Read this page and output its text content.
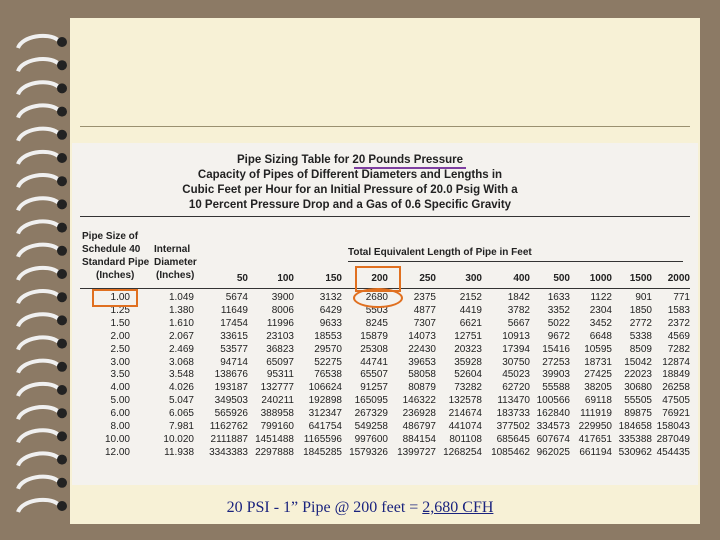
Pipe Sizing Table for 20 Pounds Pressure
Capacity of Pipes of Different Diameters and Lengths in
Cubic Feet per Hour for an Initial Pressure of 20.0 Psig With a
10 Percent Pressure Drop and a Gas of 0.6 Specific Gravity
Pipe Size of
Schedule 40
Standard Pipe
(Inches)
Internal
Diameter
(Inches)
Total Equivalent Length of Pipe in Feet
50	100	150	200	250	300	400	500	1000	1500	2000
1.00	1.049	5674	3900	3132	2680	2375	2152	1842	1633	1122	901	771
1.25	1.380	11649	8006	6429	5503	4877	4419	3782	3352	2304	1850	1583
1.50	1.610	17454	11996	9633	8245	7307	6621	5667	5022	3452	2772	2372
2.00	2.067	33615	23103	18553	15879	14073	12751	10913	9672	6648	5338	4569
2.50	2.469	53577	36823	29570	25308	22430	20323	17394	15416	10595	8509	7282
3.00	3.068	94714	65097	52275	44741	39653	35928	30750	27253	18731	15042	12874
3.50	3.548	138676	95311	76538	65507	58058	52604	45023	39903	27425	22023	18849
4.00	4.026	193187	132777	106624	91257	80879	73282	62720	55588	38205	30680	26258
5.00	5.047	349503	240211	192898	165095	146322	132578	113470 100566	69118	55505	47505
6.00	6.065	565926	388958	312347	267329	236928	214674	183733 162840	111919	89875	76921
8.00	7.981	1162762	799160	641754	549258	486797	441074	377502 334573 229950 184658 158043
10.00	10.020	2111887 1451488 1165596	997600	884154	801108	685645 607674 417651 335388 287049
12.00	11.938	3343383 2297888 1845285 1579326 1399727 1268254 1085462 962025 661194 530962 454435
20 PSI - 1” Pipe @ 200 feet = 2,680 CFH
